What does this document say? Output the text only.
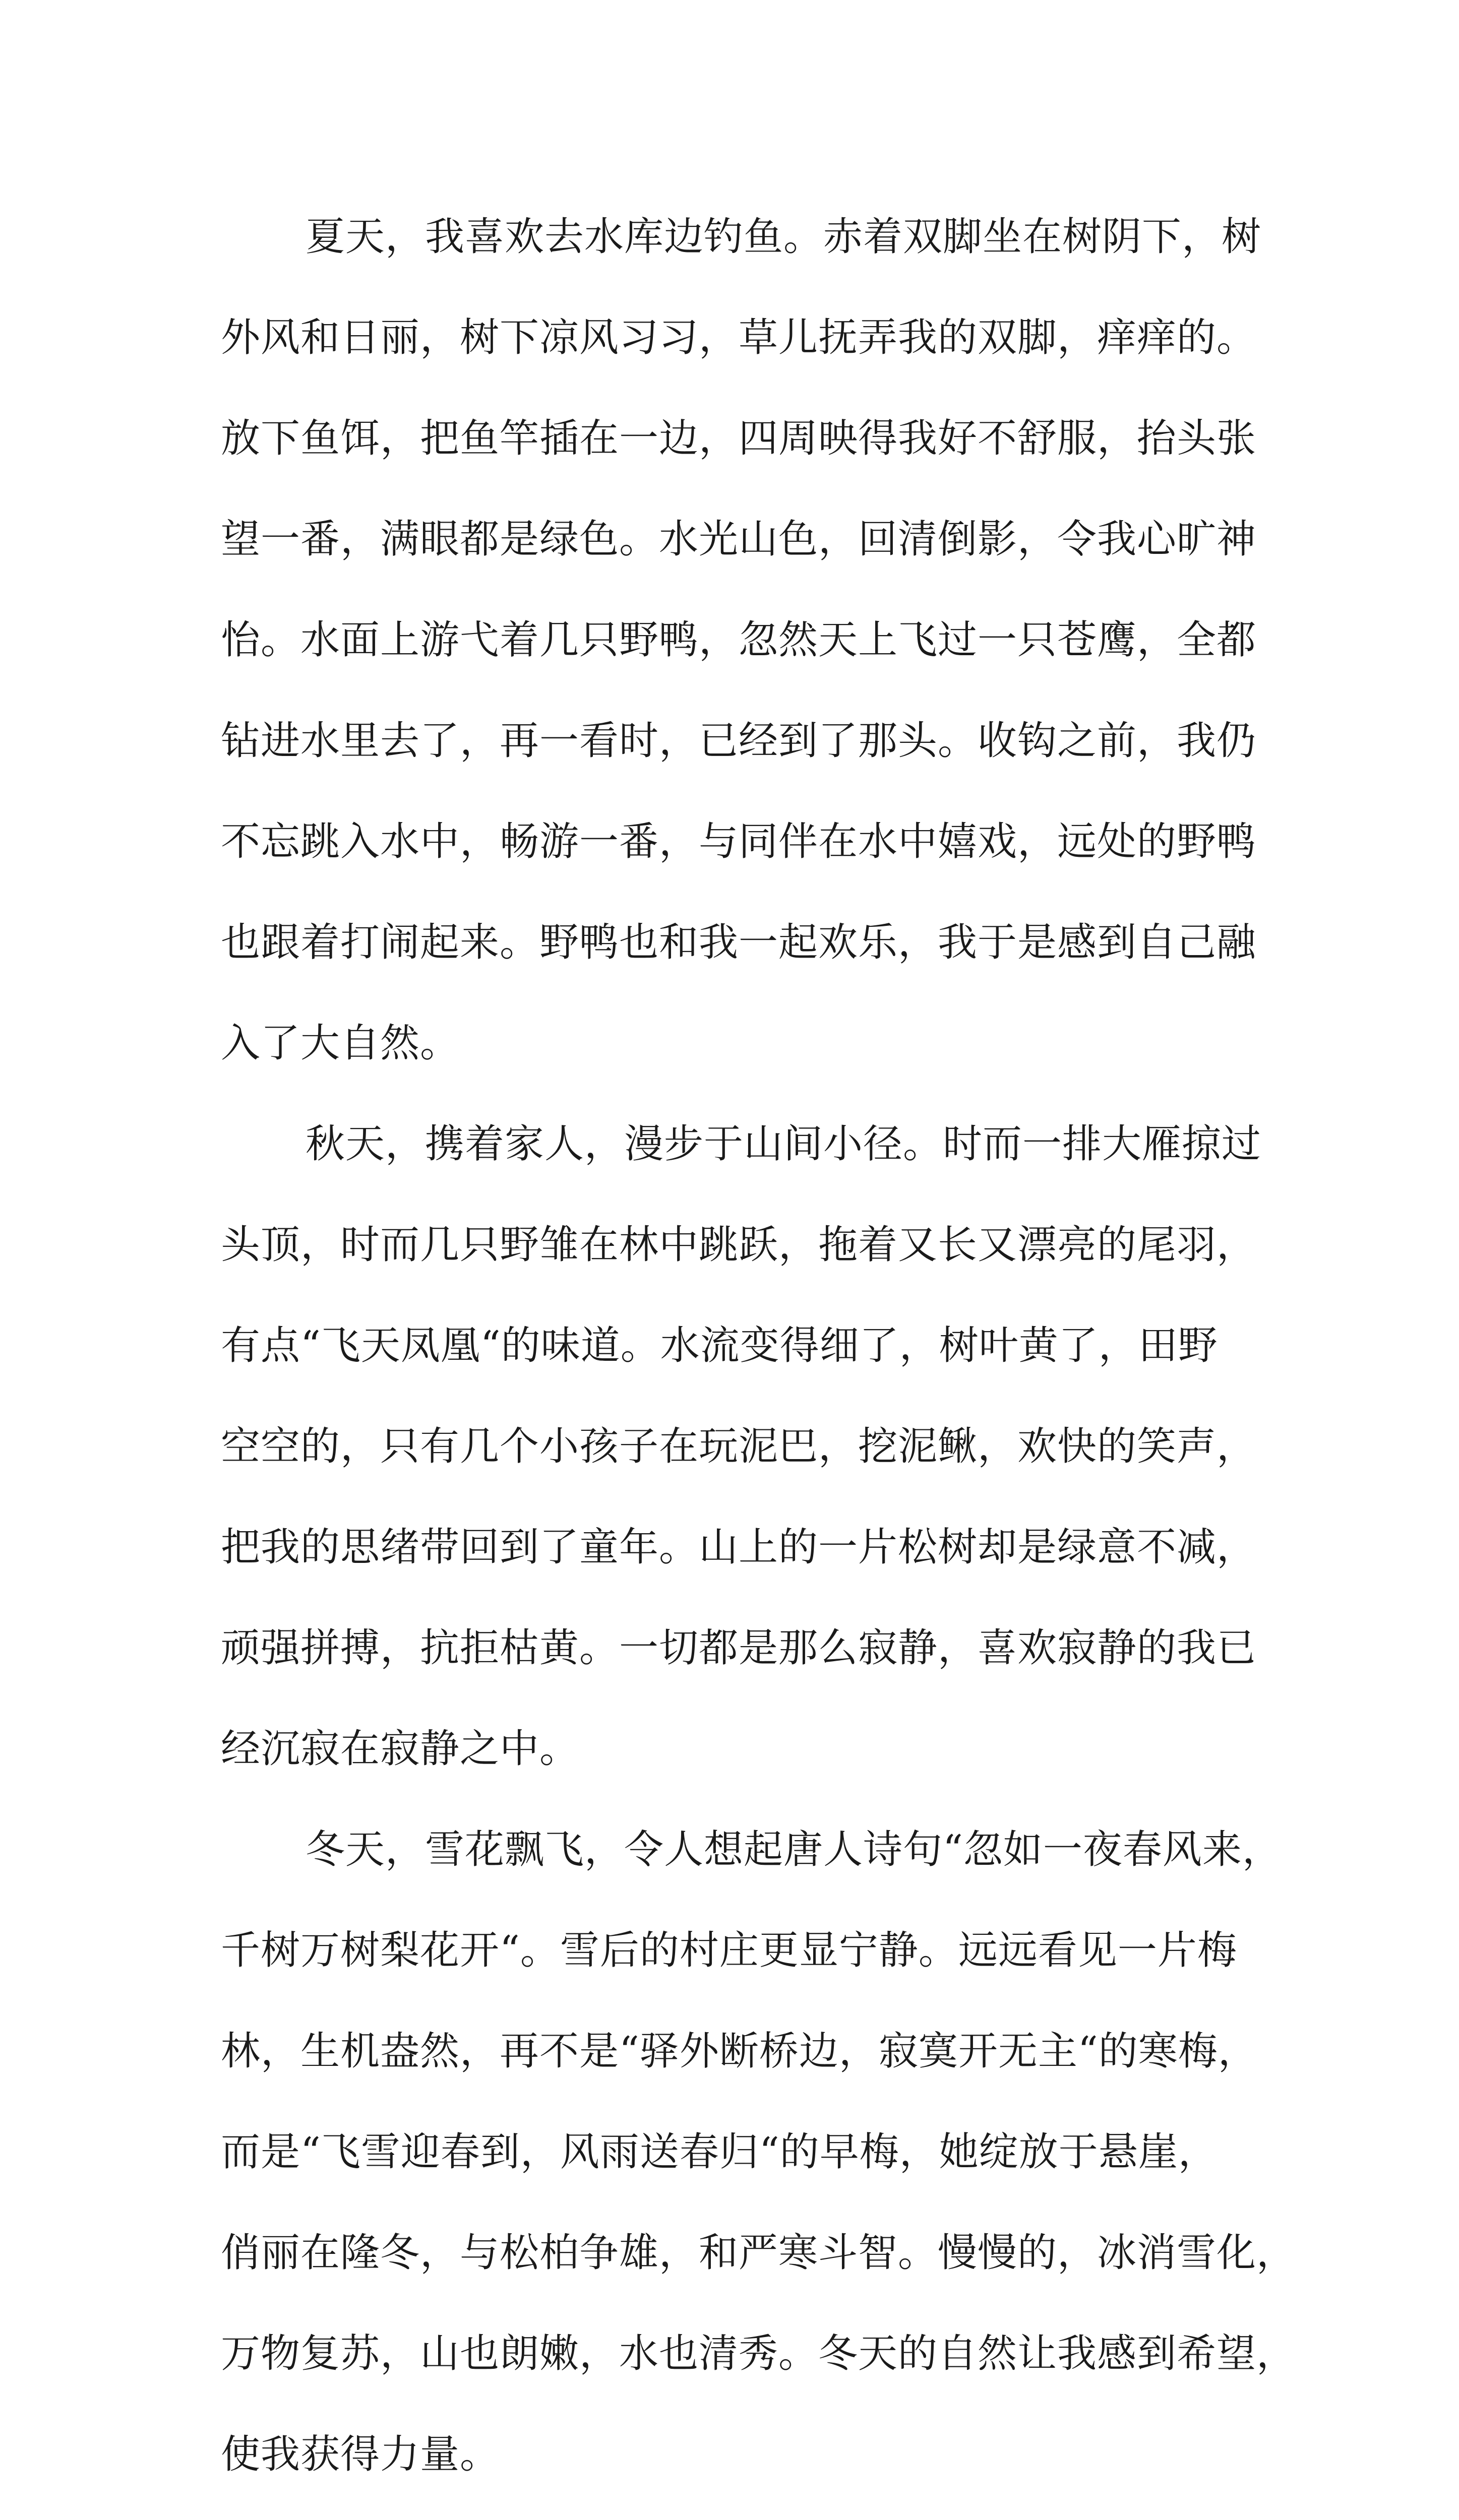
夏天，我喜欢去水库边钓鱼。赤着双脚坐在树阴下，树
外风和日丽，树下凉风习习，草儿抚弄我的双脚，痒痒的。
放下鱼饵，把鱼竿插在一边，四周映得我好不舒服，抬头张
望一番，满眼都是绿色。水光山色，回清倒影，令我心旷神
怡。水面上游弋着几只野鸭，忽然天上飞过一只苍鹰，全都
钻进水里去了，再一看时，已经到了那头。收钩之前，我仍
不忘跳入水中，畅游一番，与同伴在水中嬉戏，远处的野鸭
也跟着打闹起来。野鸭也和我一起欢乐，我于是感到自己融
入了大自然。
秋天，携着家人，漫步于山间小径。时而一排大雁掠过
头顶，时而几只野雏在林中跳跃，拖着又长又漂亮的尾羽，
有点“飞天凤凰“的味道。水流变得细了，树叶黄了，田野
空空的，只有几个小孩子在玩泥巴，挖泥鳅，欢快的笑声，
把我的思绪带回到了童年。山上的一片松树却是绿意不减，
顽强拼搏，抗拒枯黄。一切都是那么寂静，喜欢寂静的我已
经沉寂在寂静之中。
冬天，雪花飘飞，令人想起唐人诗句“忽如一夜春风来，
千树万树梨花开“。雪后的村庄更显宁静。远远看见一片梅
林，生机盎然，再不是“驿外断桥边，寂寞开无主“的寒梅，
而是“飞雪迎春到，风雨送春归“的早梅，她绽放于悬崖，
俏丽在隆冬，与松柏争雄，和严寒斗智。慢慢的，冰消雪化，
万物复苏，山也朗嫩，水也清秀。冬天的自然让我感到希望，
使我获得力量。
